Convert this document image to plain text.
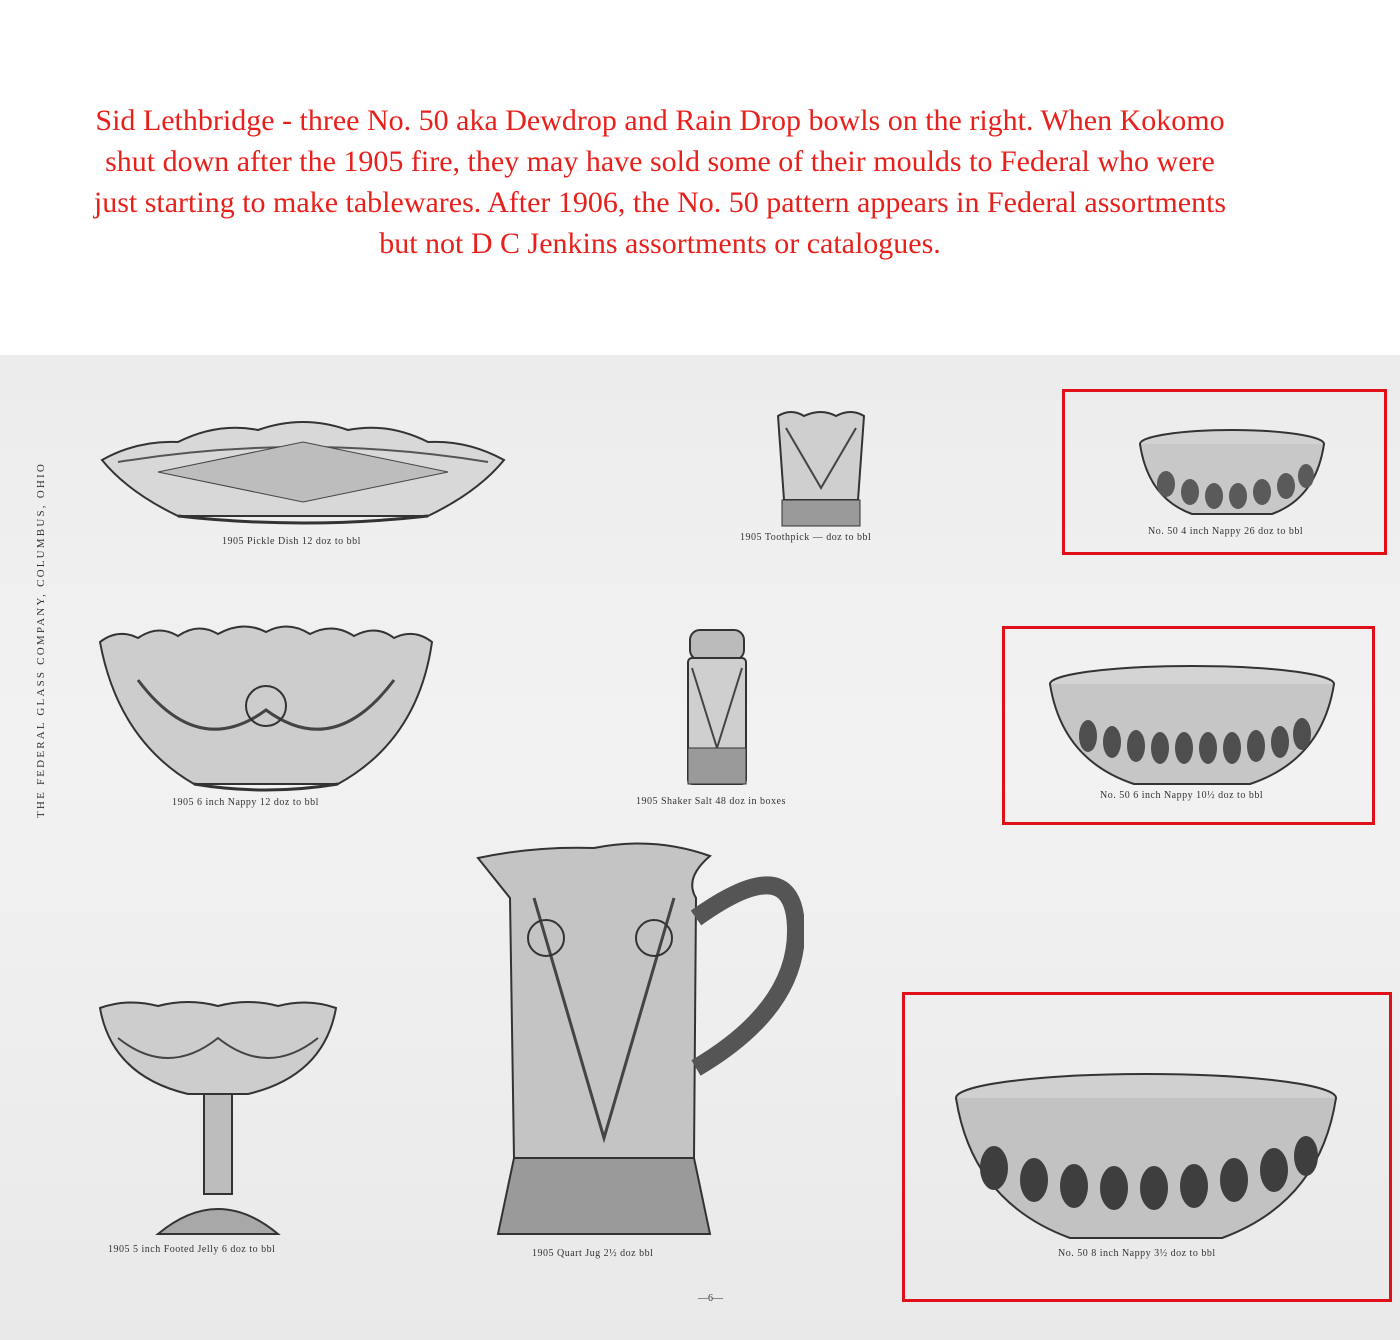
Sid Lethbridge - three No. 50 aka Dewdrop and Rain Drop bowls on the right. When Kokomo shut down after the 1905 fire, they may have sold some of their moulds to Federal who were just starting to make tablewares. After 1906, the No. 50 pattern appears in Federal assortments but not D C Jenkins assortments or catalogues.
THE FEDERAL GLASS COMPANY, COLUMBUS, OHIO	1905 Pickle Dish 12 doz to bbl	1905 Toothpick — doz to bbl
1905 6 inch Nappy 12 doz to bbl	1905 Shaker Salt 48 doz in boxes
1905 5 inch Footed Jelly 6 doz to bbl	1905 Quart Jug 2½ doz bbl
No. 50 4 inch Nappy 26 doz to bbl
No. 50 6 inch Nappy 10½ doz to bbl
No. 50 8 inch Nappy 3½ doz to bbl
—6—
